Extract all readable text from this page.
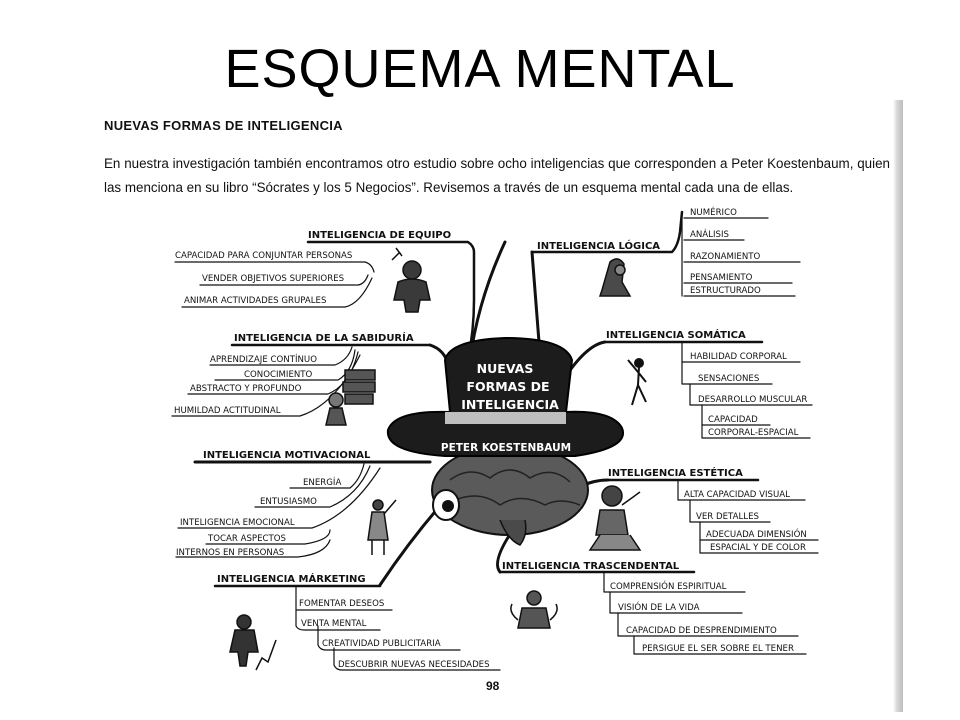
ESQUEMA MENTAL
NUEVAS FORMAS DE INTELIGENCIA
En nuestra investigación también encontramos otro estudio sobre ocho inteligencias que corresponden a Peter Koestenbaum, quien las menciona en su libro “Sócrates y los 5 Negocios”. Revisemos a través de un esquema mental cada una de ellas.
NUEVAS
FORMAS DE
INTELIGENCIA
PETER KOESTENBAUM
INTELIGENCIA DE EQUIPO
INTELIGENCIA DE LA SABIDURÍA
INTELIGENCIA MOTIVACIONAL
INTELIGENCIA MÁRKETING
INTELIGENCIA LÓGICA
INTELIGENCIA SOMÁTICA
INTELIGENCIA ESTÉTICA
INTELIGENCIA TRASCENDENTAL
CAPACIDAD PARA CONJUNTAR PERSONAS
VENDER OBJETIVOS SUPERIORES
ANIMAR ACTIVIDADES GRUPALES
APRENDIZAJE CONTÍNUO
CONOCIMIENTO
ABSTRACTO Y PROFUNDO
HUMILDAD ACTITUDINAL
ENERGÍA
ENTUSIASMO
INTELIGENCIA EMOCIONAL
TOCAR ASPECTOS
INTERNOS EN PERSONAS
FOMENTAR DESEOS
VENTA MENTAL
CREATIVIDAD PUBLICITARIA
DESCUBRIR NUEVAS NECESIDADES
NUMÉRICO
ANÁLISIS
RAZONAMIENTO
PENSAMIENTO
ESTRUCTURADO
HABILIDAD CORPORAL
SENSACIONES
DESARROLLO MUSCULAR
CAPACIDAD
CORPORAL-ESPACIAL
ALTA CAPACIDAD VISUAL
VER DETALLES
ADECUADA DIMENSIÓN
ESPACIAL Y DE COLOR
COMPRENSIÓN ESPIRITUAL
VISIÓN DE LA VIDA
CAPACIDAD DE DESPRENDIMIENTO
PERSIGUE EL SER SOBRE EL TENER
98
